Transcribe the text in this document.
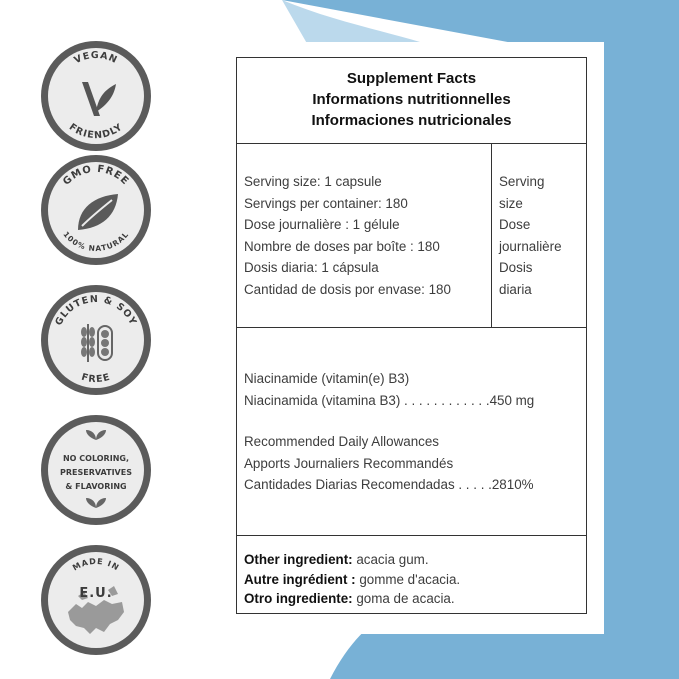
VEGAN
FRIENDLY
GMO FREE
100% NATURAL
GLUTEN & SOY
FREE
NO COLORING,
PRESERVATIVES
& FLAVORING
MADE IN
E.U.
Supplement Facts
Informations nutritionnelles
Informaciones nutricionales
Serving size: 1 capsule
Servings per container: 180
Dose journalière : 1 gélule
Nombre de doses par boîte : 180
Dosis diaria: 1 cápsula
Cantidad de dosis por envase: 180
Serving
size
Dose
journalière
Dosis
diaria
Niacinamide (vitamin(e) B3)
Niacinamida (vitamina B3) . . . . . . . . . . . .450 mg
Recommended Daily Allowances
Apports Journaliers Recommandés
Cantidades Diarias Recomendadas . . . . .2810%
Other ingredient: acacia gum.
Autre ingrédient : gomme d'acacia.
Otro ingrediente: goma de acacia.
